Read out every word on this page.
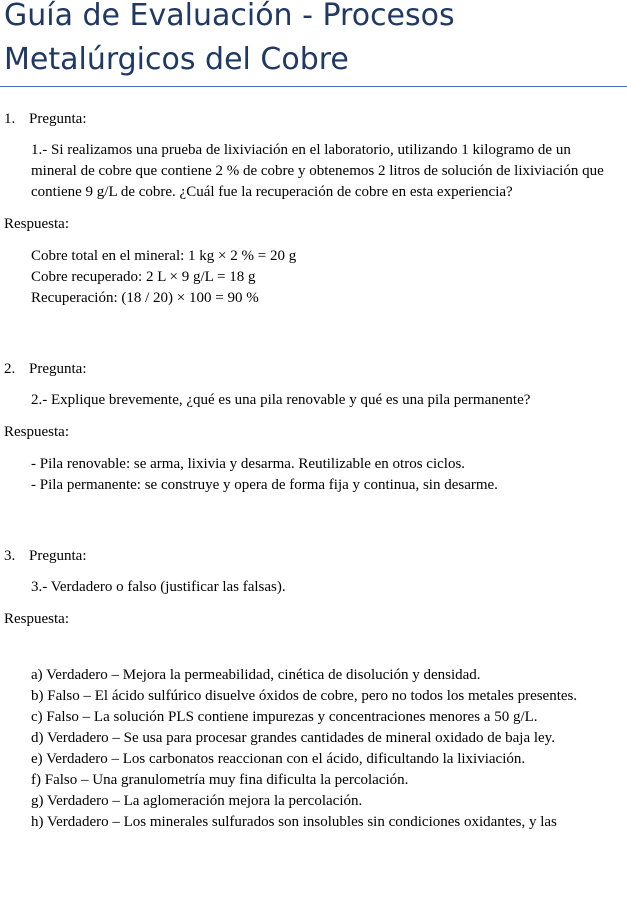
Guía de Evaluación - Procesos
Metalúrgicos del Cobre
1. Pregunta:

1.- Si realizamos una prueba de lixiviación en el laboratorio, utilizando 1 kilogramo de un mineral de cobre que contiene 2 % de cobre y obtenemos 2 litros de solución de lixiviación que contiene 9 g/L de cobre. ¿Cuál fue la recuperación de cobre en esta experiencia?

Respuesta:

Cobre total en el mineral: 1 kg × 2 % = 20 g

Cobre recuperado: 2 L × 9 g/L = 18 g

Recuperación: (18 / 20) × 100 = 90 %

2. Pregunta:

2.- Explique brevemente, ¿qué es una pila renovable y qué es una pila permanente?

Respuesta:

- Pila renovable: se arma, lixivia y desarma. Reutilizable en otros ciclos.

- Pila permanente: se construye y opera de forma fija y continua, sin desarme.

3. Pregunta:

3.- Verdadero o falso (justificar las falsas).

Respuesta:

a) Verdadero – Mejora la permeabilidad, cinética de disolución y densidad.

b) Falso – El ácido sulfúrico disuelve óxidos de cobre, pero no todos los metales presentes.

c) Falso – La solución PLS contiene impurezas y concentraciones menores a 50 g/L.

d) Verdadero – Se usa para procesar grandes cantidades de mineral oxidado de baja ley.

e) Verdadero – Los carbonatos reaccionan con el ácido, dificultando la lixiviación.

f) Falso – Una granulometría muy fina dificulta la percolación.

g) Verdadero – La aglomeración mejora la percolación.

h) Verdadero – Los minerales sulfurados son insolubles sin condiciones oxidantes, y las
